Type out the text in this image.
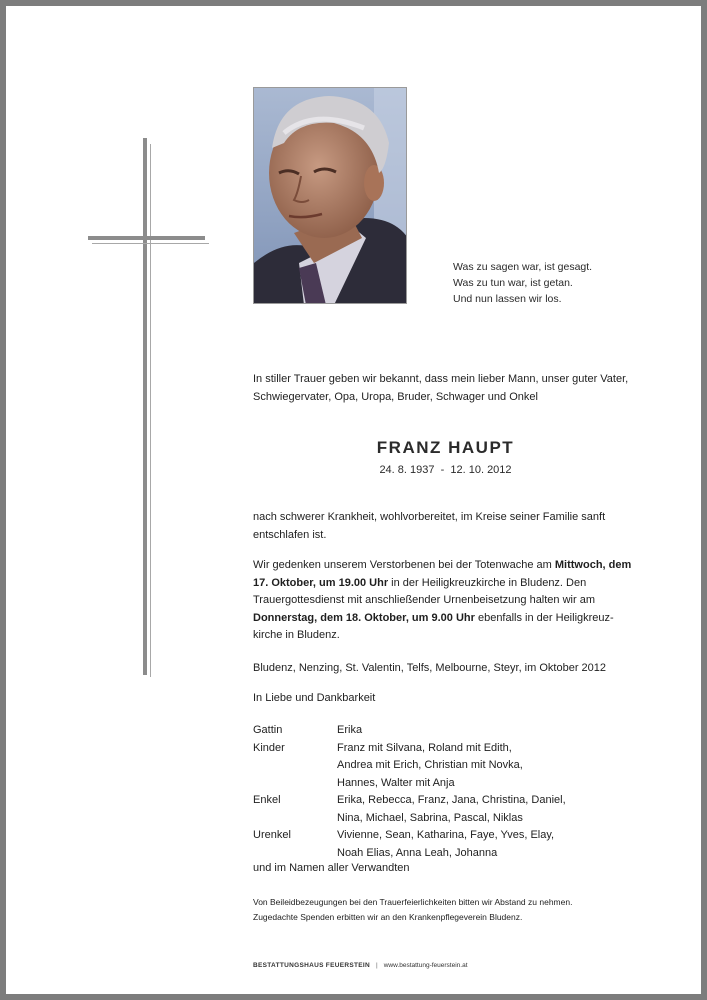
Was zu sagen war, ist gesagt.
Was zu tun war, ist getan.
Und nun lassen wir los.
In stiller Trauer geben wir bekannt, dass mein lieber Mann, unser guter Vater, Schwiegervater, Opa, Uropa, Bruder, Schwager und Onkel
FRANZ HAUPT
24. 8. 1937  -  12. 10. 2012
nach schwerer Krankheit, wohlvorbereitet, im Kreise seiner Familie sanft entschlafen ist.
Wir gedenken unserem Verstorbenen bei der Totenwache am Mittwoch, dem 17. Oktober, um 19.00 Uhr in der Heiligkreuzkirche in Bludenz. Den Trauergottesdienst mit anschließender Urnenbeisetzung halten wir am Donnerstag, dem 18. Oktober, um 9.00 Uhr ebenfalls in der Heiligkreuz-kirche in Bludenz.
Bludenz, Nenzing, St. Valentin, Telfs, Melbourne, Steyr, im Oktober 2012
In Liebe und Dankbarkeit
Gattin	Erika
Kinder	Franz mit Silvana, Roland mit Edith,
Andrea mit Erich, Christian mit Novka,
Hannes, Walter mit Anja
Enkel	Erika, Rebecca, Franz, Jana, Christina, Daniel,
Nina, Michael, Sabrina, Pascal, Niklas
Urenkel	Vivienne, Sean, Katharina, Faye, Yves, Elay,
Noah Elias, Anna Leah, Johanna
und im Namen aller Verwandten
Von Beileidbezeugungen bei den Trauerfeierlichkeiten bitten wir Abstand zu nehmen.
Zugedachte Spenden erbitten wir an den Krankenpflegeverein Bludenz.
BESTATTUNGSHAUS FEUERSTEIN | www.bestattung-feuerstein.at
